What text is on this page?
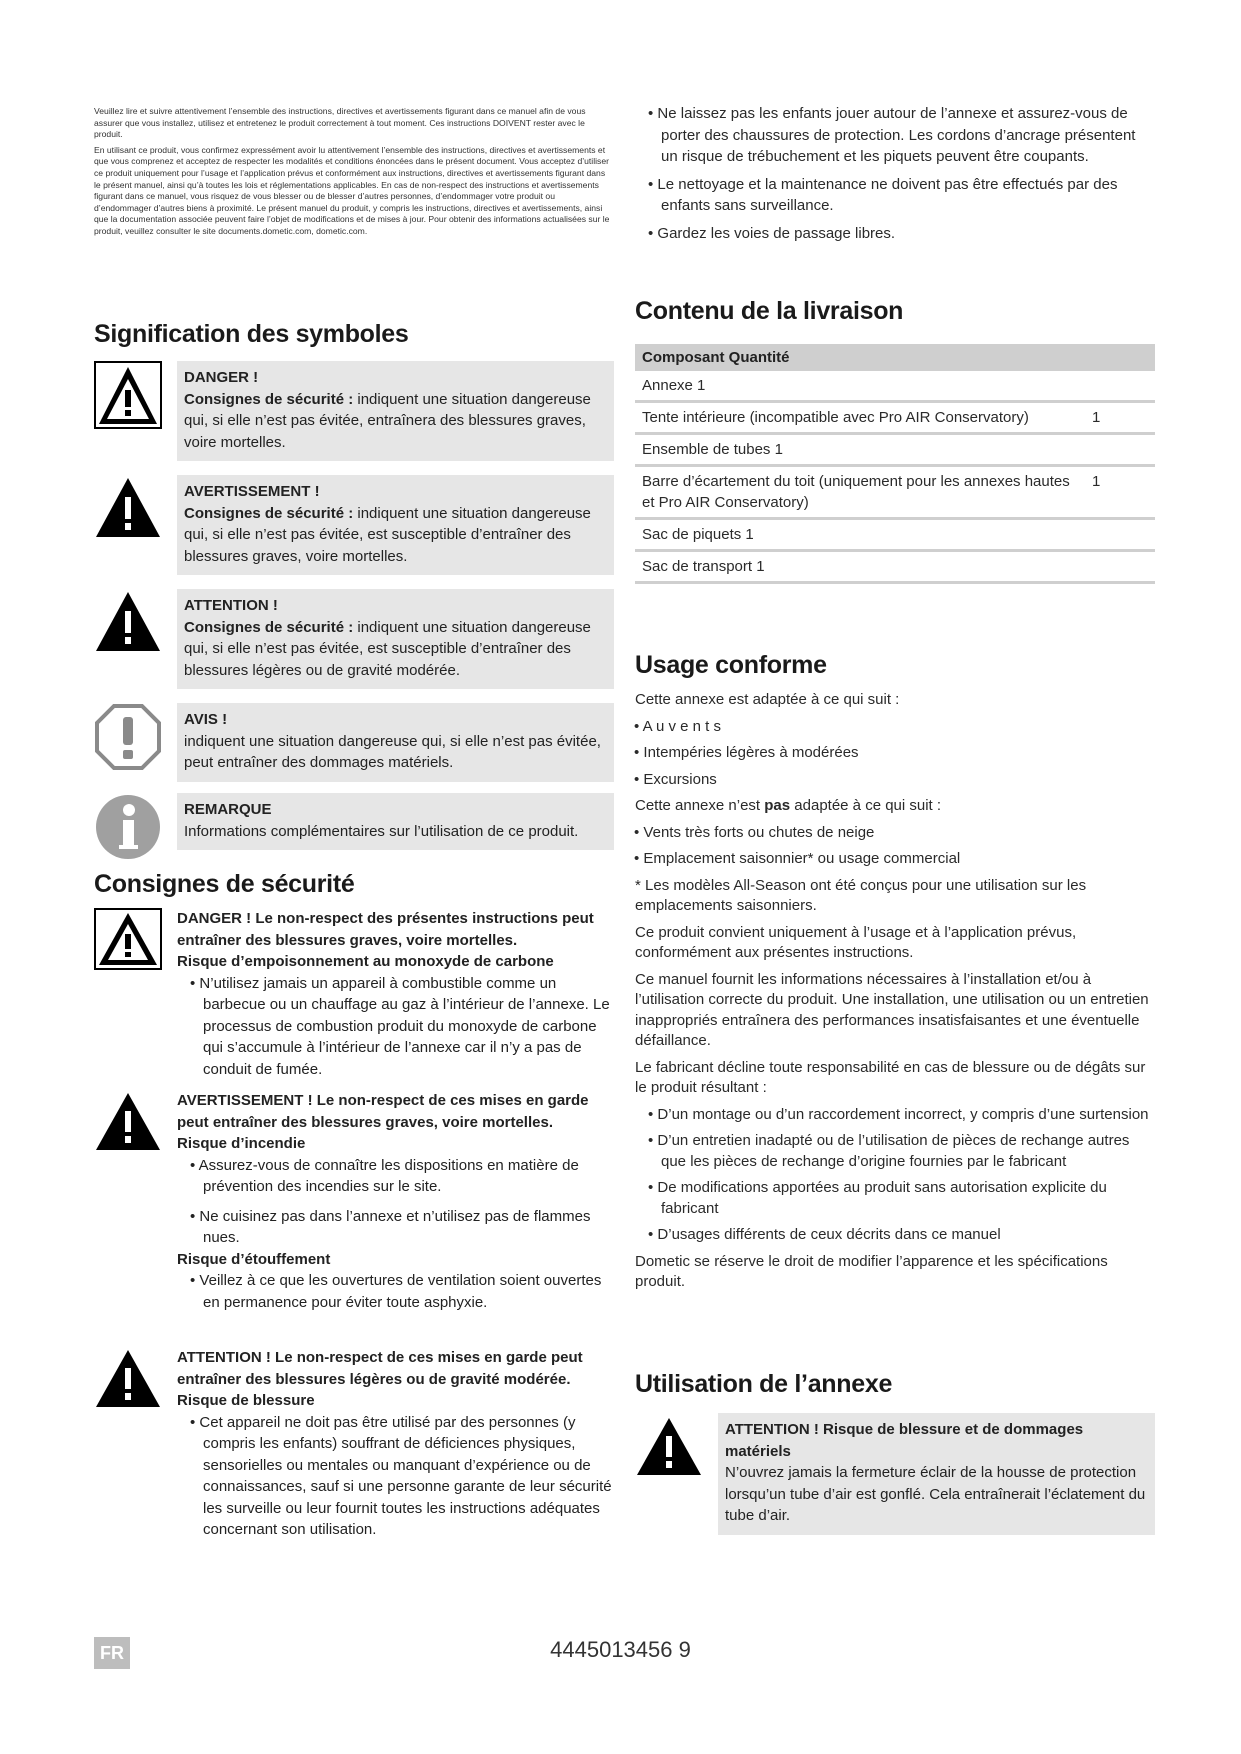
Veuillez lire et suivre attentivement l’ensemble des instructions, directives et avertissements figurant dans ce manuel afin de vous assurer que vous installez, utilisez et entretenez le produit correctement à tout moment. Ces instructions DOIVENT rester avec le produit.

En utilisant ce produit, vous confirmez expressément avoir lu attentivement l’ensemble des instructions, directives et avertissements et que vous comprenez et acceptez de respecter les modalités et conditions énoncées dans le présent document. Vous acceptez d’utiliser ce produit uniquement pour l’usage et l’application prévus et conformément aux instructions, directives et avertissements figurant dans le présent manuel, ainsi qu’à toutes les lois et réglementations applicables. En cas de non-respect des instructions et avertissements figurant dans ce manuel, vous risquez de vous blesser ou de blesser d’autres personnes, d’endommager votre produit ou d’endommager d’autres biens à proximité. Le présent manuel du produit, y compris les instructions, directives et avertissements, ainsi que la documentation associée peuvent faire l’objet de modifications et de mises à jour. Pour obtenir des informations actualisées sur le produit, veuillez consulter le site documents.dometic.com, dometic.com.

Signification des symboles
DANGER !
Consignes de sécurité : indiquent une situation dangereuse qui, si elle n’est pas évitée, entraînera des blessures graves, voire mortelles.
AVERTISSEMENT !
Consignes de sécurité : indiquent une situation dangereuse qui, si elle n’est pas évitée, est susceptible d’entraîner des blessures graves, voire mortelles.
ATTENTION !
Consignes de sécurité : indiquent une situation dangereuse qui, si elle n’est pas évitée, est susceptible d’entraîner des blessures légères ou de gravité modérée.
AVIS !
indiquent une situation dangereuse qui, si elle n’est pas évitée, peut entraîner des dommages matériels.
REMARQUE
Informations complémentaires sur l’utilisation de ce produit.
Consignes de sécurité
DANGER ! Le non-respect des présentes instructions peut entraîner des blessures graves, voire mortelles.
Risque d’empoisonnement au monoxyde de carbone

• N’utilisez jamais un appareil à combustible comme un barbecue ou un chauffage au gaz à l’intérieur de l’annexe. Le processus de combustion produit du monoxyde de carbone qui s’accumule à l’intérieur de l’annexe car il n’y a pas de conduit de fumée.

AVERTISSEMENT ! Le non-respect de ces mises en garde peut entraîner des blessures graves, voire mortelles.
Risque d’incendie

• Assurez-vous de connaître les dispositions en matière de prévention des incendies sur le site.

• Ne cuisinez pas dans l’annexe et n’utilisez pas de flammes nues.

Risque d’étouffement

• Veillez à ce que les ouvertures de ventilation soient ouvertes en permanence pour éviter toute asphyxie.

ATTENTION ! Le non-respect de ces mises en garde peut entraîner des blessures légères ou de gravité modérée.
Risque de blessure

• Cet appareil ne doit pas être utilisé par des personnes (y compris les enfants) souffrant de déficiences physiques, sensorielles ou mentales ou manquant d’expérience ou de connaissances, sauf si une personne garante de leur sécurité les surveille ou leur fournit toutes les instructions adéquates concernant son utilisation.

• Ne laissez pas les enfants jouer autour de l’annexe et assurez-vous de porter des chaussures de protection. Les cordons d’ancrage présentent un risque de trébuchement et les piquets peuvent être coupants.

• Le nettoyage et la maintenance ne doivent pas être effectués par des enfants sans surveillance.

• Gardez les voies de passage libres.

Contenu de la livraison
Composant Quantité	
Annexe 1	
Tente intérieure (incompatible avec Pro AIR Conservatory)	1
Ensemble de tubes 1	
Barre d’écartement du toit (uniquement pour les annexes hautes et Pro AIR Conservatory)	1
Sac de piquets 1	
Sac de transport 1	
Usage conforme

Cette annexe est adaptée à ce qui suit :

• A u v e n t s

• Intempéries légères à modérées

• Excursions

Cette annexe n’est pas adaptée à ce qui suit :

• Vents très forts ou chutes de neige

• Emplacement saisonnier* ou usage commercial

* Les modèles All-Season ont été conçus pour une utilisation sur les emplacements saisonniers.

Ce produit convient uniquement à l’usage et à l’application prévus, conformément aux présentes instructions.

Ce manuel fournit les informations nécessaires à l’installation et/ou à l’utilisation correcte du produit. Une installation, une utilisation ou un entretien inappropriés entraînera des performances insatisfaisantes et une éventuelle défaillance.

Le fabricant décline toute responsabilité en cas de blessure ou de dégâts sur le produit résultant :

• D’un montage ou d’un raccordement incorrect, y compris d’une surtension

• D’un entretien inadapté ou de l’utilisation de pièces de rechange autres que les pièces de rechange d’origine fournies par le fabricant

• De modifications apportées au produit sans autorisation explicite du fabricant

• D’usages différents de ceux décrits dans ce manuel

Dometic se réserve le droit de modifier l’apparence et les spécifications produit.

Utilisation de l’annexe
ATTENTION ! Risque de blessure et de dommages matériels
N’ouvrez jamais la fermeture éclair de la housse de protection lorsqu’un tube d’air est gonflé. Cela entraînerait l’éclatement du tube d’air.
FR	4445013456 9
